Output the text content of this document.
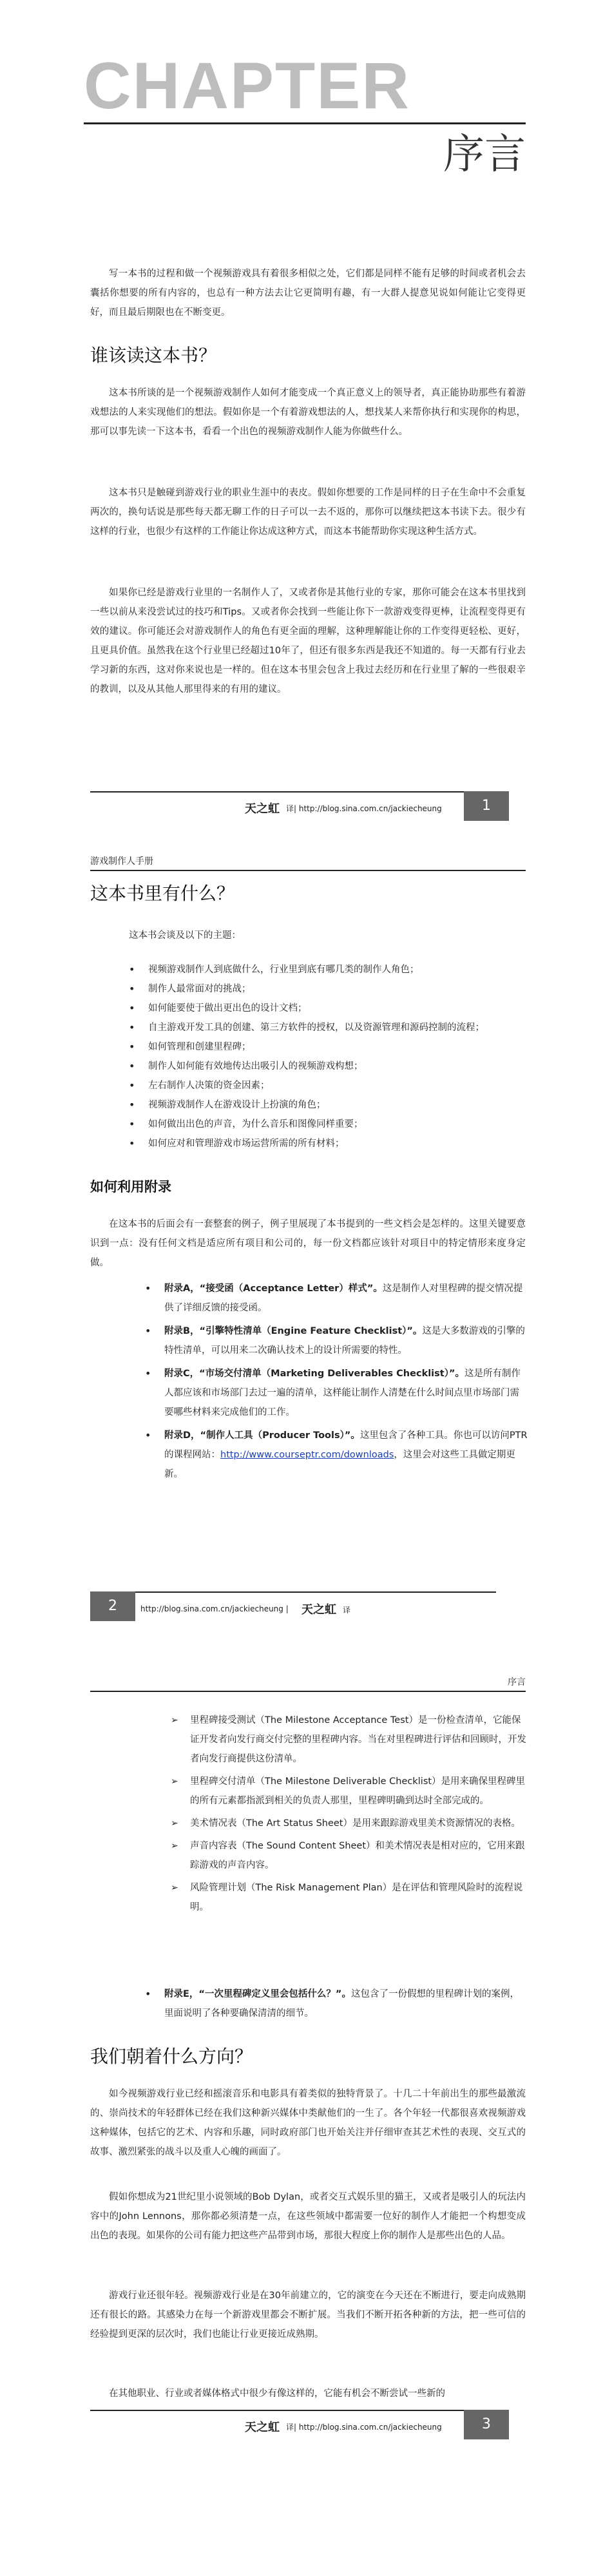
CHAPTER
序言

写一本书的过程和做一个视频游戏具有着很多相似之处，它们都是同样不能有足够的时间或者机会去囊括你想要的所有内容的，也总有一种方法去让它更简明有趣，有一大群人提意见说如何能让它变得更好，而且最后期限也在不断变更。

谁该读这本书？

这本书所谈的是一个视频游戏制作人如何才能变成一个真正意义上的领导者，真正能协助那些有着游戏想法的人来实现他们的想法。假如你是一个有着游戏想法的人，想找某人来帮你执行和实现你的构思，那可以事先读一下这本书，看看一个出色的视频游戏制作人能为你做些什么。

这本书只是触碰到游戏行业的职业生涯中的表皮。假如你想要的工作是同样的日子在生命中不会重复两次的，换句话说是那些每天都无聊工作的日子可以一去不返的，那你可以继续把这本书读下去。很少有这样的行业，也很少有这样的工作能让你达成这种方式，而这本书能帮助你实现这种生活方式。

如果你已经是游戏行业里的一名制作人了，又或者你是其他行业的专家，那你可能会在这本书里找到一些以前从来没尝试过的技巧和Tips。又或者你会找到一些能让你下一款游戏变得更棒，让流程变得更有效的建议。你可能还会对游戏制作人的角色有更全面的理解，这种理解能让你的工作变得更轻松、更好，且更具价值。虽然我在这个行业里已经超过10年了，但还有很多东西是我还不知道的。每一天都有行业去学习新的东西，这对你来说也是一样的。但在这本书里会包含上我过去经历和在行业里了解的一些很艰辛的教训，以及从其他人那里得来的有用的建议。

天之虹 译| http://blog.sina.com.cn/jackiecheung	1
游戏制作人手册
这本书里有什么？

这本书会谈及以下的主题：

• 视频游戏制作人到底做什么，行业里到底有哪几类的制作人角色；
• 制作人最常面对的挑战；
• 如何能要使于做出更出色的设计文档；
• 自主游戏开发工具的创建、第三方软件的授权，以及资源管理和源码控制的流程；
• 如何管理和创建里程碑；
• 制作人如何能有效地传达出吸引人的视频游戏构想；
• 左右制作人决策的资金因素；
• 视频游戏制作人在游戏设计上扮演的角色；
• 如何做出出色的声音，为什么音乐和图像同样重要；
• 如何应对和管理游戏市场运营所需的所有材料；
如何利用附录

在这本书的后面会有一套整套的例子，例子里展现了本书提到的一些文档会是怎样的。这里关键要意识到一点：没有任何文档是适应所有项目和公司的，每一份文档都应该针对项目中的特定情形来度身定做。

• 附录A，“接受函（Acceptance Letter）样式”。这是制作人对里程碑的提交情况提供了详细反馈的接受函。
• 附录B，“引擎特性清单（Engine Feature Checklist）”。这是大多数游戏的引擎的特性清单，可以用来二次确认技术上的设计所需要的特性。
• 附录C，“市场交付清单（Marketing Deliverables Checklist）”。这是所有制作人都应该和市场部门去过一遍的清单，这样能让制作人清楚在什么时间点里市场部门需要哪些材料来完成他们的工作。
• 附录D，“制作人工具（Producer Tools）”。这里包含了各种工具。你也可以访问PTR的课程网站：http://www.courseptr.com/downloads，这里会对这些工具做定期更新。
2	http://blog.sina.com.cn/jackiecheung | 天之虹 译
序言
➢ 里程碑接受测试（The Milestone Acceptance Test）是一份检查清单，它能保证开发者向发行商交付完整的里程碑内容。当在对里程碑进行评估和回顾时，开发者向发行商提供这份清单。
➢ 里程碑交付清单（The Milestone Deliverable Checklist）是用来确保里程碑里的所有元素都指派到相关的负责人那里，里程碑明确到达时全部完成的。
➢ 美术情况表（The Art Status Sheet）是用来跟踪游戏里美术资源情况的表格。
➢ 声音内容表（The Sound Content Sheet）和美术情况表是相对应的，它用来跟踪游戏的声音内容。
➢ 风险管理计划（The Risk Management Plan）是在评估和管理风险时的流程说明。
• 附录E，“一次里程碑定义里会包括什么？”。这包含了一份假想的里程碑计划的案例，里面说明了各种要确保清清的细节。
我们朝着什么方向？

如今视频游戏行业已经和摇滚音乐和电影具有着类似的独特背景了。十几二十年前出生的那些最激流的、崇尚技术的年轻群体已经在我们这种新兴媒体中类献他们的一生了。各个年轻一代都很喜欢视频游戏这种媒体，包括它的艺术、内容和乐趣，同时政府部门也开始关注并仔细审查其艺术性的表现、交互式的故事、激烈紧张的战斗以及重人心魄的画面了。

假如你想成为21世纪里小说领域的Bob Dylan，或者交互式娱乐里的猫王，又或者是吸引人的玩法内容中的John Lennons，那你都必须清楚一点，在这些领域中都需要一位好的制作人才能把一个构想变成出色的表现。如果你的公司有能力把这些产品带到市场，那很大程度上你的制作人是那些出色的人品。

游戏行业还很年轻。视频游戏行业是在30年前建立的，它的演变在今天还在不断进行，要走向成熟期还有很长的路。其感染力在每一个新游戏里都会不断扩展。当我们不断开拓各种新的方法，把一些可信的经验提到更深的层次时，我们也能让行业更接近成熟期。

在其他职业、行业或者媒体格式中很少有像这样的，它能有机会不断尝试一些新的

天之虹 译| http://blog.sina.com.cn/jackiecheung	3
